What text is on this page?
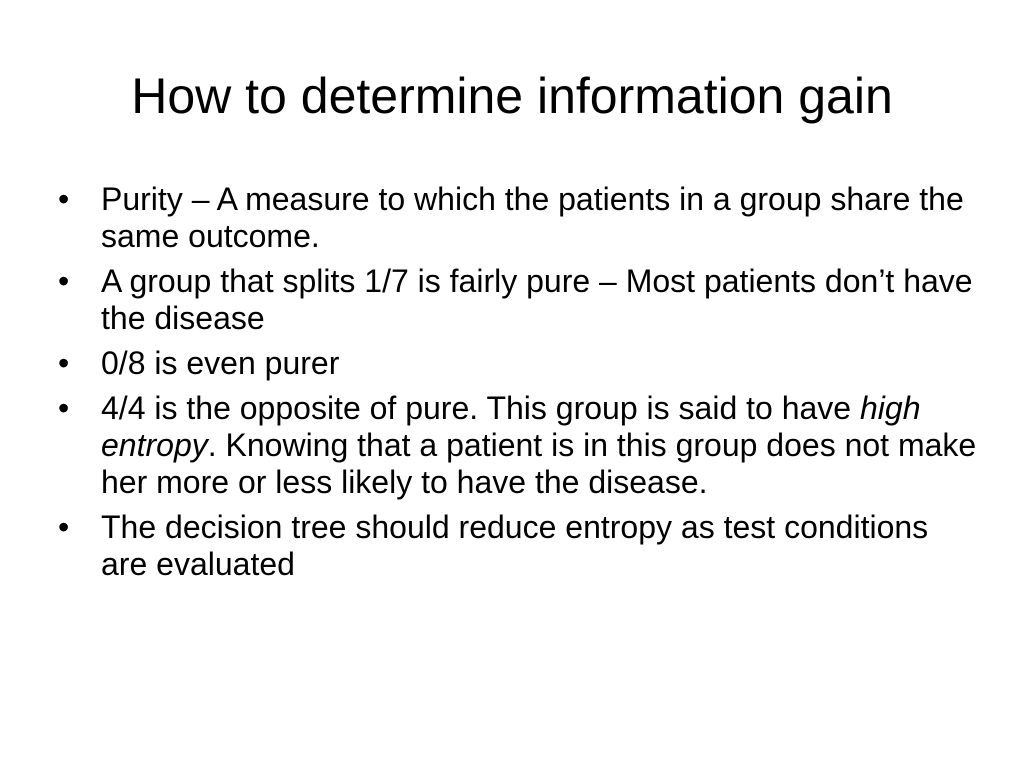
How to determine information gain
• Purity – A measure to which the patients in a group share the same outcome.
• A group that splits 1/7 is fairly pure – Most patients don’t have the disease
• 0/8 is even purer
• 4/4 is the opposite of pure. This group is said to have high entropy. Knowing that a patient is in this group does not make her more or less likely to have the disease.
• The decision tree should reduce entropy as test conditions are evaluated
